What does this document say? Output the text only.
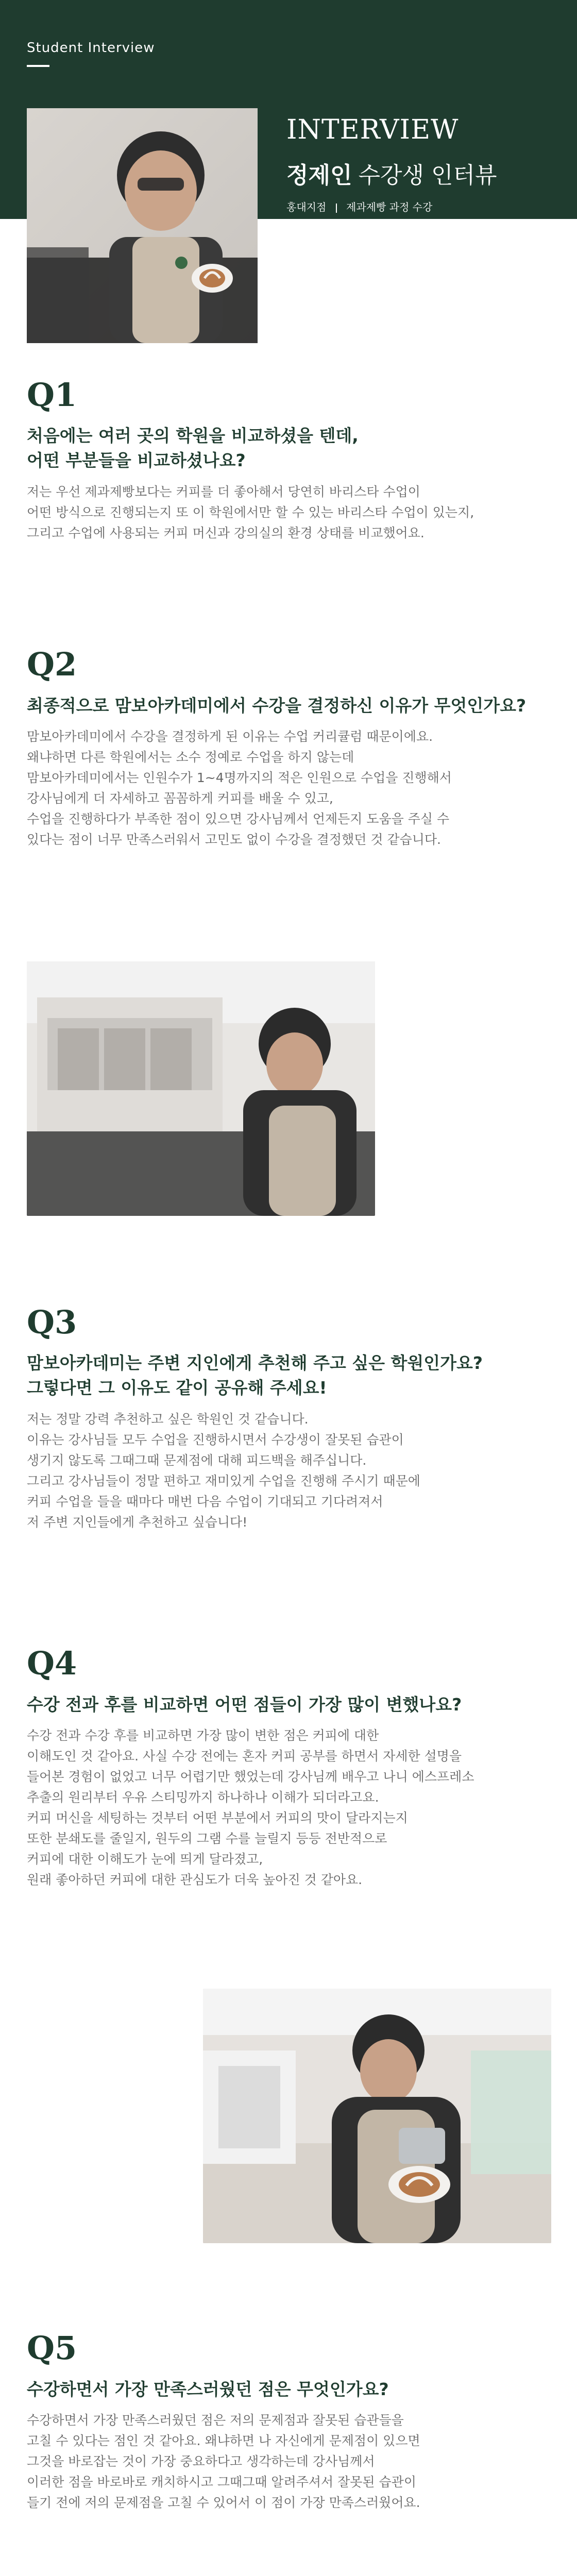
Student Interview
INTERVIEW
정제인 수강생 인터뷰
홍대지점 제과제빵 과정 수강
Q1
처음에는 여러 곳의 학원을 비교하셨을 텐데,
어떤 부분들을 비교하셨나요?
저는 우선 제과제빵보다는 커피를 더 좋아해서 당연히 바리스타 수업이
어떤 방식으로 진행되는지 또 이 학원에서만 할 수 있는 바리스타 수업이 있는지,
그리고 수업에 사용되는 커피 머신과 강의실의 환경 상태를 비교했어요.
Q2
최종적으로 맘보아카데미에서 수강을 결정하신 이유가 무엇인가요?
맘보아카데미에서 수강을 결정하게 된 이유는 수업 커리큘럼 때문이에요.
왜냐하면 다른 학원에서는 소수 정예로 수업을 하지 않는데
맘보아카데미에서는 인원수가 1~4명까지의 적은 인원으로 수업을 진행해서
강사님에게 더 자세하고 꼼꼼하게 커피를 배울 수 있고,
수업을 진행하다가 부족한 점이 있으면 강사님께서 언제든지 도움을 주실 수
있다는 점이 너무 만족스러워서 고민도 없이 수강을 결정했던 것 같습니다.
Q3
맘보아카데미는 주변 지인에게 추천해 주고 싶은 학원인가요?
그렇다면 그 이유도 같이 공유해 주세요!
저는 정말 강력 추천하고 싶은 학원인 것 같습니다.
이유는 강사님들 모두 수업을 진행하시면서 수강생이 잘못된 습관이
생기지 않도록 그때그때 문제점에 대해 피드백을 해주십니다.
그리고 강사님들이 정말 편하고 재미있게 수업을 진행해 주시기 때문에
커피 수업을 들을 때마다 매번 다음 수업이 기대되고 기다려져서
저 주변 지인들에게 추천하고 싶습니다!
Q4
수강 전과 후를 비교하면 어떤 점들이 가장 많이 변했나요?
수강 전과 수강 후를 비교하면 가장 많이 변한 점은 커피에 대한
이해도인 것 같아요. 사실 수강 전에는 혼자 커피 공부를 하면서 자세한 설명을
들어본 경험이 없었고 너무 어렵기만 했었는데 강사님께 배우고 나니 에스프레소
추출의 원리부터 우유 스티밍까지 하나하나 이해가 되더라고요.
커피 머신을 세팅하는 것부터 어떤 부분에서 커피의 맛이 달라지는지
또한 분쇄도를 줄일지, 원두의 그램 수를 늘릴지 등등 전반적으로
커피에 대한 이해도가 눈에 띄게 달라졌고,
원래 좋아하던 커피에 대한 관심도가 더욱 높아진 것 같아요.
Q5
수강하면서 가장 만족스러웠던 점은 무엇인가요?
수강하면서 가장 만족스러웠던 점은 저의 문제점과 잘못된 습관들을
고칠 수 있다는 점인 것 같아요. 왜냐하면 나 자신에게 문제점이 있으면
그것을 바로잡는 것이 가장 중요하다고 생각하는데 강사님께서
이러한 점을 바로바로 캐치하시고 그때그때 알려주셔서 잘못된 습관이
들기 전에 저의 문제점을 고칠 수 있어서 이 점이 가장 만족스러웠어요.
